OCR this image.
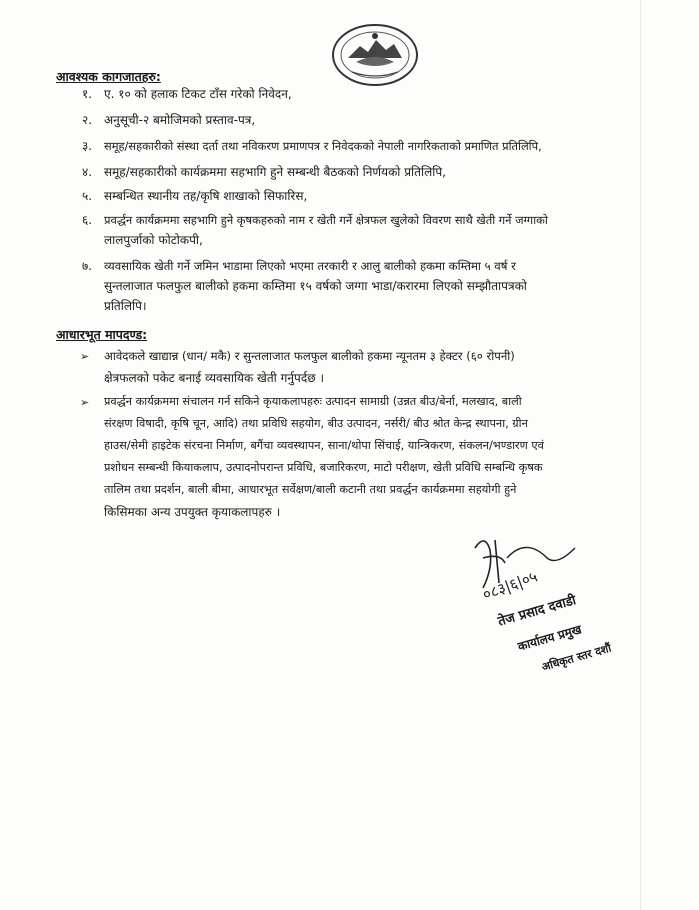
आवश्यक कागजातहरु:
१. ए. १० को हलाक टिकट टाँस गरेको निवेदन,
२. अनुसूची-२ बमोजिमको प्रस्ताव-पत्र,
३. समूह/सहकारीको संस्था दर्ता तथा नविकरण प्रमाणपत्र र निवेदकको नेपाली नागरिकताको प्रमाणित प्रतिलिपि,
४. समूह/सहकारीको कार्यक्रममा सहभागि हुने सम्बन्धी बैठकको निर्णयको प्रतिलिपि,
५. सम्बन्धित स्थानीय तह/कृषि शाखाको सिफारिस,
६. प्रवर्द्धन कार्यक्रममा सहभागि हुने कृषकहरुको नाम र खेती गर्ने क्षेत्रफल खुलेको विवरण साथै खेती गर्ने जग्गाको
लालपुर्जाको फोटोकपी,
७. व्यवसायिक खेती गर्ने जमिन भाडामा लिएको भएमा तरकारी र आलु बालीको हकमा कम्तिमा ५ वर्ष र
सुन्तलाजात फलफुल बालीको हकमा कम्तिमा १५ वर्षको जग्गा भाडा/करारमा लिएको सम्झौतापत्रको
प्रतिलिपि।
आधारभूत मापदण्ड:
➢ आवेदकले खाद्यान्न (धान/ मकै) र सुन्तलाजात फलफुल बालीको हकमा न्यूनतम ३ हेक्टर (६० रोपनी)
क्षेत्रफलको पकेट बनाई व्यवसायिक खेती गर्नुपर्दछ ।
➢ प्रवर्द्धन कार्यक्रममा संचालन गर्न सकिने कृयाकलापहरुः उत्पादन सामाग्री (उन्नत बीउ/बेर्ना, मलखाद, बाली
संरक्षण विषादी, कृषि चून, आदि) तथा प्रविधि सहयोग, बीउ उत्पादन, नर्सरी/ बीउ श्रोत केन्द्र स्थापना, ग्रीन
हाउस/सेमी हाइटेक संरचना निर्माण, बगैंचा व्यवस्थापन, साना/थोपा सिंचाई, यान्त्रिकरण, संकलन/भण्डारण एवं
प्रशोधन सम्बन्धी कियाकलाप, उत्पादनोपरान्त प्रविधि, बजारिकरण, माटो परीक्षण, खेती प्रविधि सम्बन्धि कृषक
तालिम तथा प्रदर्शन, बाली बीमा, आधारभूत सर्वेक्षण/बाली कटानी तथा प्रवर्द्धन कार्यक्रममा सहयोगी हुने
किसिमका अन्य उपयुक्त कृयाकलापहरु ।
०८३|६|०५
तेज प्रसाद दवाडी
कार्यालय प्रमुख
अधिकृत स्तर दशौं
